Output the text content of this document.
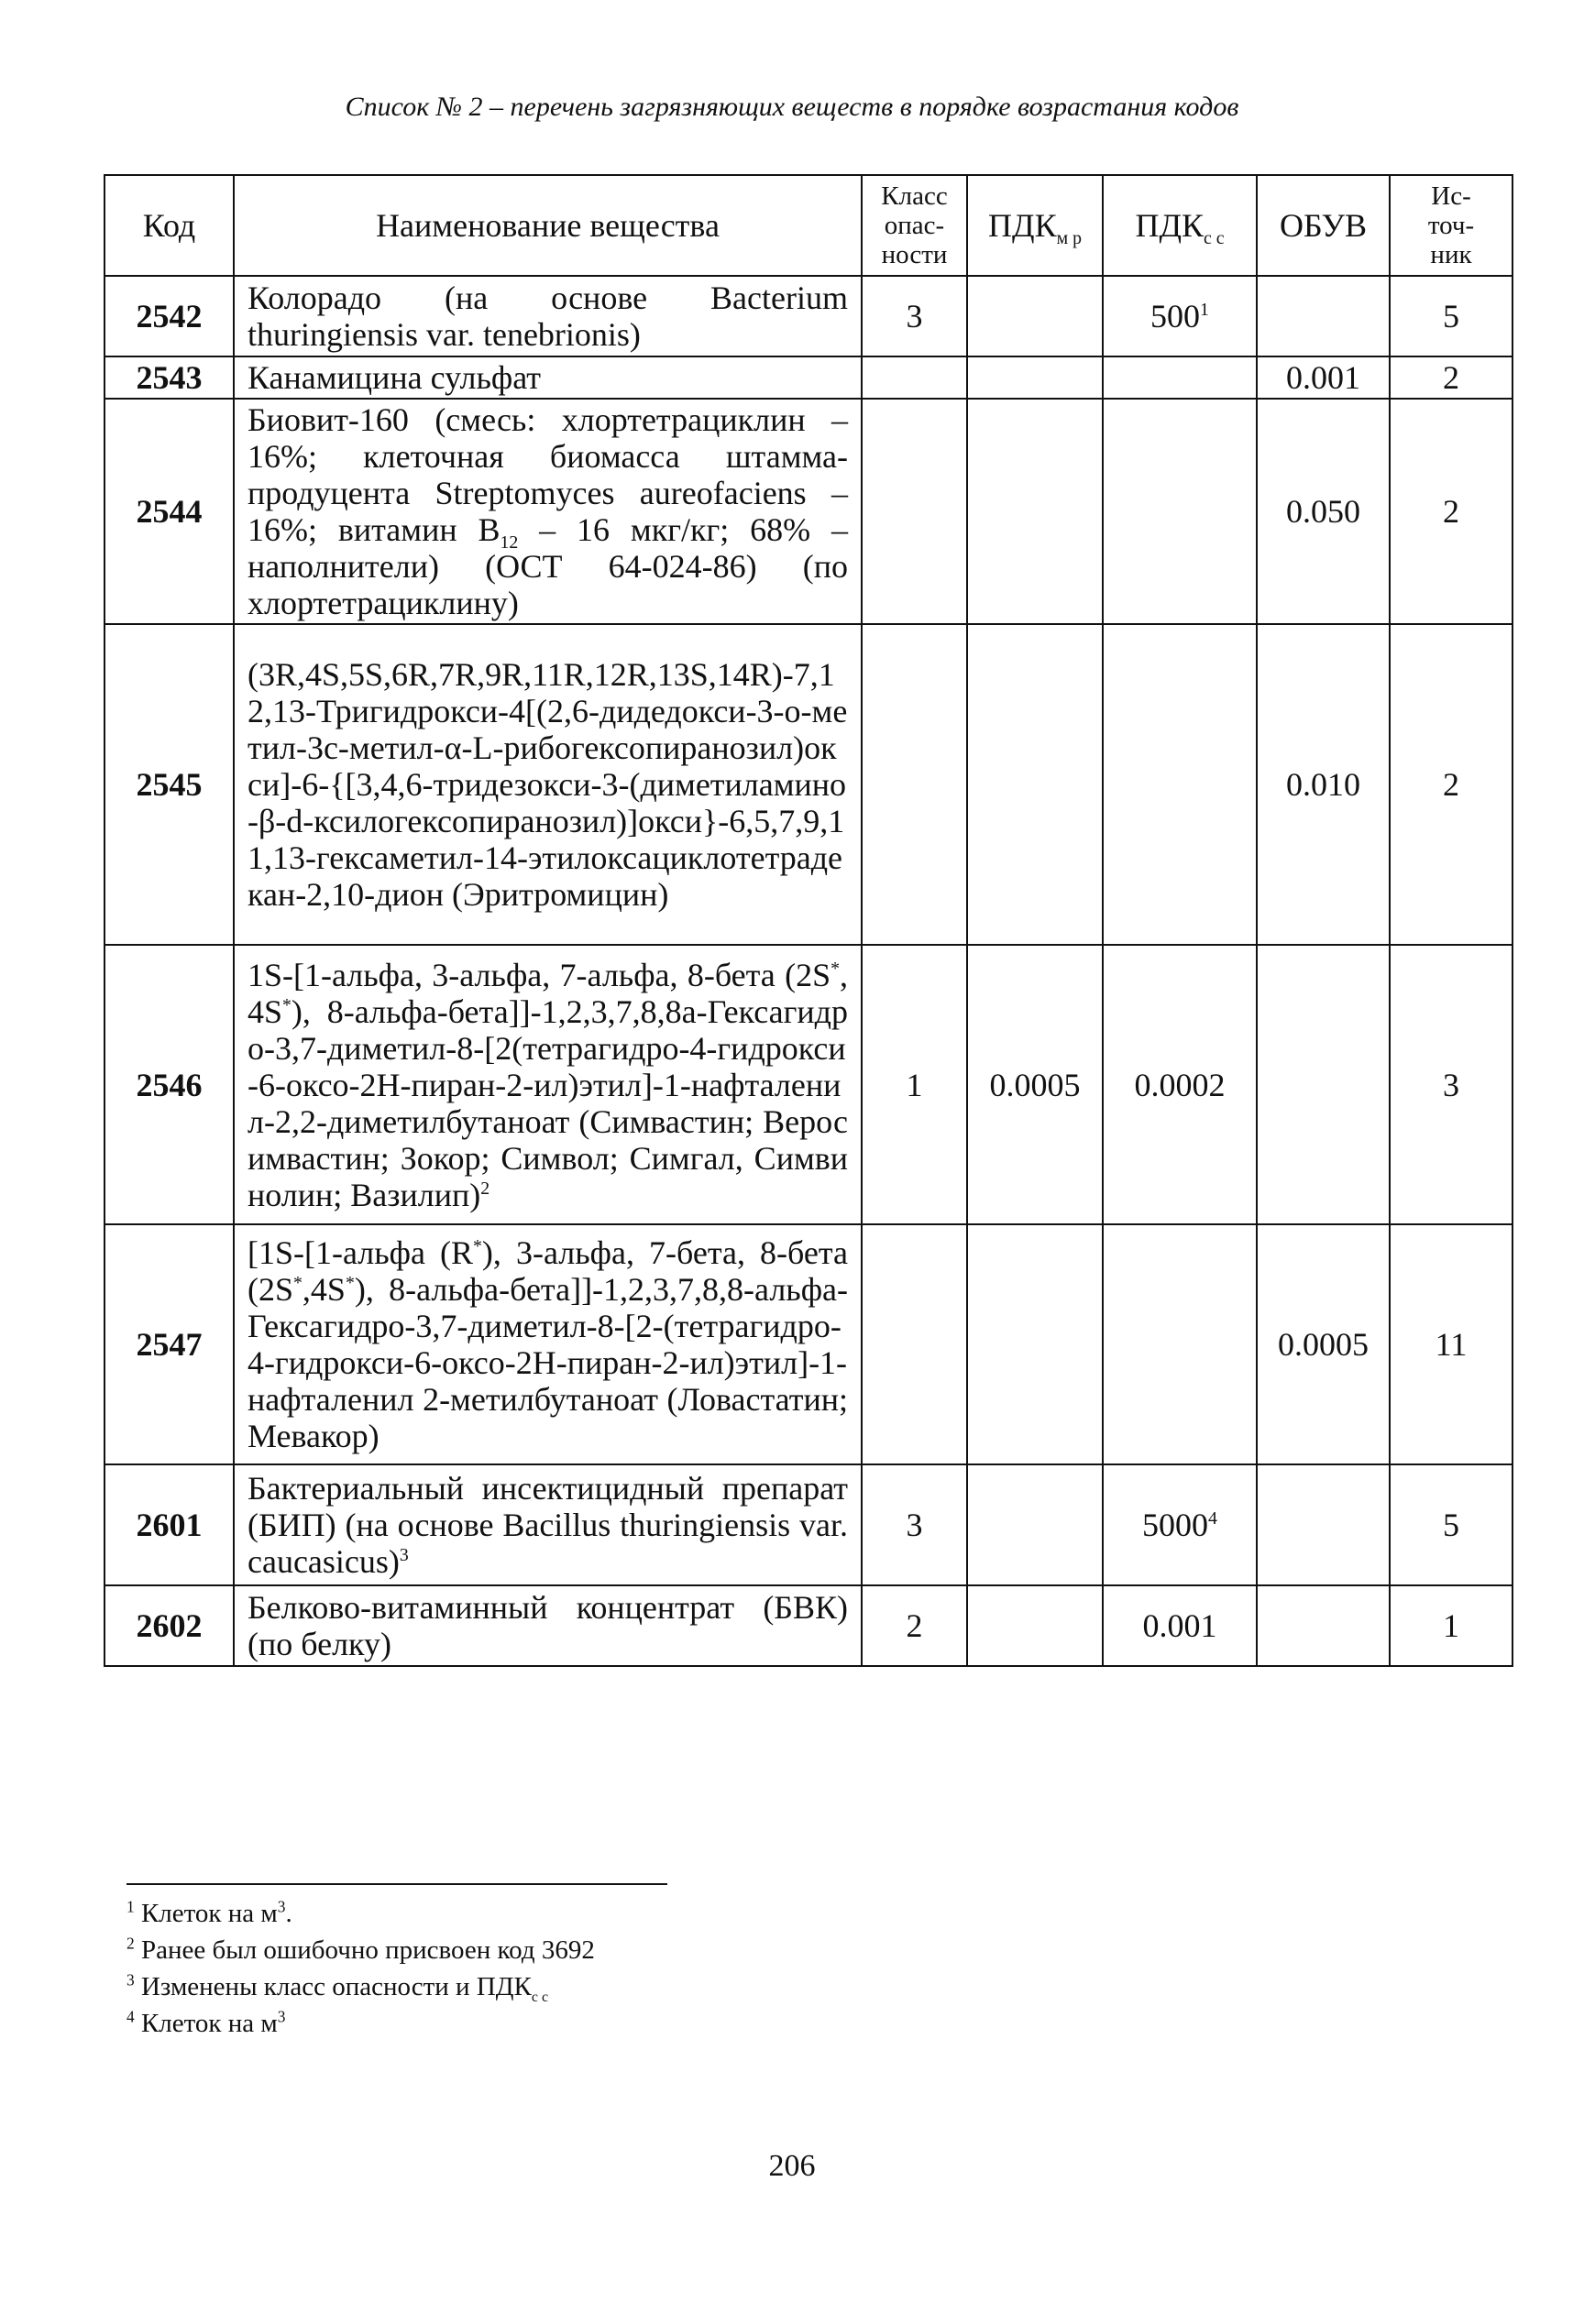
Список № 2 – перечень загрязняющих веществ в порядке возрастания кодов
Код	Наименование вещества	Класс
опас-
ности	$ПДК_{м р}$	$ПДК_{с с}$	ОБУВ	Ис-
точ-
ник
2542	Колорадо (на основе Bacterium thuringiensis var. tenebrionis)	3		$500^1$		5
2543	Канамицина сульфат				0.001	2
2544	Биовит-160 (смесь: хлортетрациклин – 16%; клеточная биомасса штамма-продуцента Streptomyces aureofaciens – 16%; витамин $B_{12} - 16$ мкг/кг; 68% – наполнители) (ОСТ 64-024-86) (по хлортетрациклину)				0.050	2
2545	(3R,4S,5S,6R,7R,9R,11R,12R,13S,14R)-7,12,13-Тригидрокси-4[(2,6-дидедокси-3-о-метил-3с-метил-α-L-рибогексопиранозил)окси]-6-{[3,4,6-тридезокси-3-(диметиламино-β-d-ксилогексопиранозил)]окси}-6,5,7,9,11,13-гексаметил-14-этилоксациклотетрадекан-2,10-дион (Эритромицин)				0.010	2
2546	1S-[1-альфа, 3-альфа, 7-альфа, 8-бета (2S*,4S*), 8-альфа-бета]]-1,2,3,7,8,8а-Гексагидро-3,7-диметил-8-[2(тетрагидро-4-гидрокси-6-оксо-2Н-пиран-2-ил)этил]-1-нафталенил-2,2-диметилбутаноат (Симвастин; Веросимвастин; Зокор; Символ; Симгал, Симвинолин; Вазилип)$^2$	1	0.0005	0.0002		3
2547	[1S-[1-альфа (R*), 3-альфа, 7-бета, 8-бета (2S*,4S*), 8-альфа-бета]]-1,2,3,7,8,8-альфа-Гексагидро-3,7-диметил-8-[2-(тетрагидро-4-гидрокси-6-оксо-2Н-пиран-2-ил)этил]-1-нафталенил 2-метилбутаноат (Ловастатин; Мевакор)				0.0005	11
2601	Бактериальный инсектицидный препарат (БИП) (на основе Bacillus thuringiensis var. caucasicus)$^3$	3		5000$^4$		5
2602	Белково-витаминный концентрат (БВК) (по белку)	2		0.001		1
$^1$ Клеток на $м^3$.
$^2$ Ранее был ошибочно присвоен код 3692
$^3$ Изменены класс опасности и $ПДК_{с с}$
$^4$ Клеток на $м^3$
206
